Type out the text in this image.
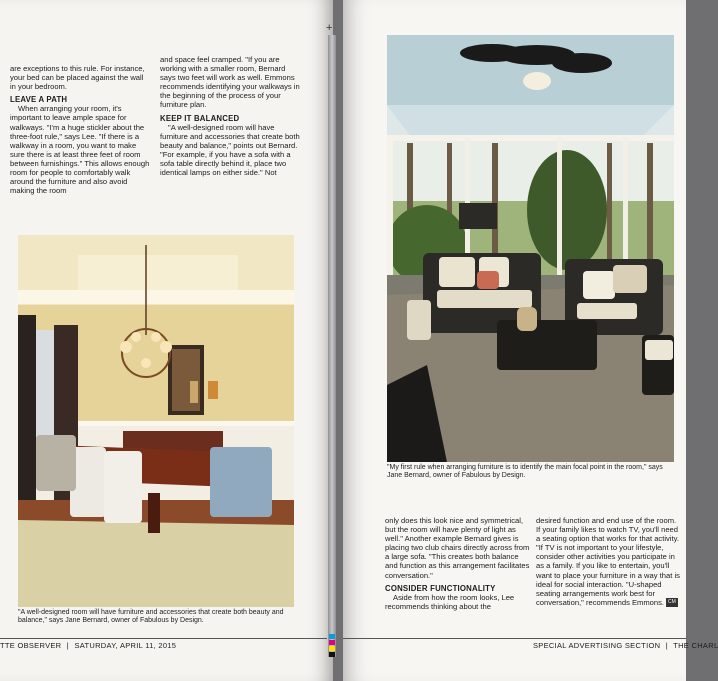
are exceptions to this rule. For instance, your bed can be placed against the wall in your bedroom.

LEAVE A PATH

When arranging your room, it's important to leave ample space for walkways. "I'm a huge stickler about the three-foot rule," says Lee. "If there is a walkway in a room, you want to make sure there is at least three feet of room between furnishings." This allows enough room for people to comfortably walk around the furniture and also avoid making the room

and space feel cramped. "If you are working with a smaller room, Bernard says two feet will work as well. Emmons recommends identifying your walkways in the beginning of the process of your furniture plan.

KEEP IT BALANCED

"A well-designed room will have furniture and accessories that create both beauty and balance," points out Bernard. "For example, if you have a sofa with a sofa table directly behind it, place two identical lamps on either side." Not

"A well-designed room will have furniture and accessories that create both beauty and balance," says Jane Bernard, owner of Fabulous by Design.
TTE OBSERVER | SATURDAY, APRIL 11, 2015
+
"My first rule when arranging furniture is to identify the main focal point in the room," says Jane Bernard, owner of Fabulous by Design.

only does this look nice and symmetrical, but the room will have plenty of light as well." Another example Bernard gives is placing two club chairs directly across from a large sofa. "This creates both balance and function as this arrangement facilitates conversation."

CONSIDER FUNCTIONALITY

Aside from how the room looks, Lee recommends thinking about the

desired function and end use of the room. If your family likes to watch TV, you'll need a seating option that works for that activity. "If TV is not important to your lifestyle, consider other activities you participate in as a family. If you like to entertain, you'll want to place your furniture in a way that is ideal for social interaction. "U-shaped seating arrangements work best for conversation," recommends Emmons. CM

SPECIAL ADVERTISING SECTION | THE CHARL
